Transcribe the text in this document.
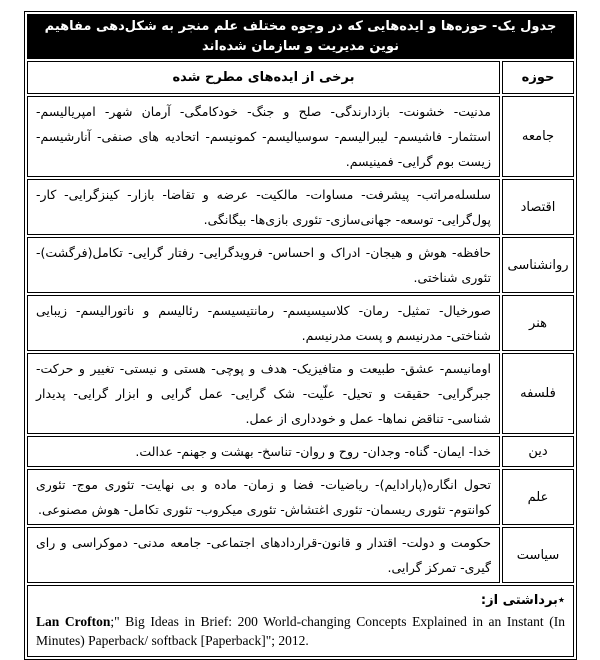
جدول یک- حوزه‌ها و ایده‌هایی که در وجوه مختلف علم منجر به شکل‌دهی مفاهیم نوین مدیریت و سازمان شده‌اند	
حوزه	برخی از ایده‌های مطرح شده
جامعه	مدنیت- خشونت- بازدارندگی- صلح و جنگ- خودکامگی- آرمان شهر- امپریالیسم- استثمار- فاشیسم- لیبرالیسم- سوسیالیسم- کمونیسم- اتحادیه های صنفی- آنارشیسم- زیست بوم گرایی- فمینیسم.
اقتصاد	سلسله‌مراتب- پیشرفت- مساوات- مالکیت- عرضه و تقاضا- بازار- کینزگرایی- کار- پول‌گرایی- توسعه- جهانی‌سازی- تئوری بازی‌ها- بیگانگی.
روانشناسی	حافظه- هوش و هیجان- ادراک و احساس- فرویدگرایی- رفتار گرایی- تکامل(فرگشت)- تئوری شناختی.
هنر	صورخیال- تمثیل- رمان- کلاسیسیسم- رمانتیسیسم- رئالیسم و ناتورالیسم- زیبایی شناختی- مدرنیسم و پست مدرنیسم.
فلسفه	اومانیسم- عشق- طبیعت و متافیزیک- هدف و پوچی- هستی و نیستی- تغییر و حرکت- جبرگرایی- حقیقت و تحیل- علّیت- شک گرایی- عمل گرایی و ابزار گرایی- پدیدار شناسی- تناقض نماها- عمل و خودداری از عمل.
دین	خدا- ایمان- گناه- وجدان- روح و روان- تناسخ- بهشت و جهنم- عدالت.
علم	تحول انگاره(پارادایم)- ریاضیات- فضا و زمان- ماده و بی نهایت- تئوری موج- تئوری کوانتوم- تئوری ریسمان- تئوری اغتشاش- تئوری میکروب- تئوری تکامل- هوش مصنوعی.
سیاست	حکومت و دولت- اقتدار و قانون-قراردادهای اجتماعی- جامعه مدنی- دموکراسی و رای گیری- تمرکز گرایی.

٭برداشتی از:
Lan Crofton;" Big Ideas in Brief: 200 World-changing Concepts Explained in an Instant (In Minutes) Paperback/ softback [Paperback]"; 2012.	
